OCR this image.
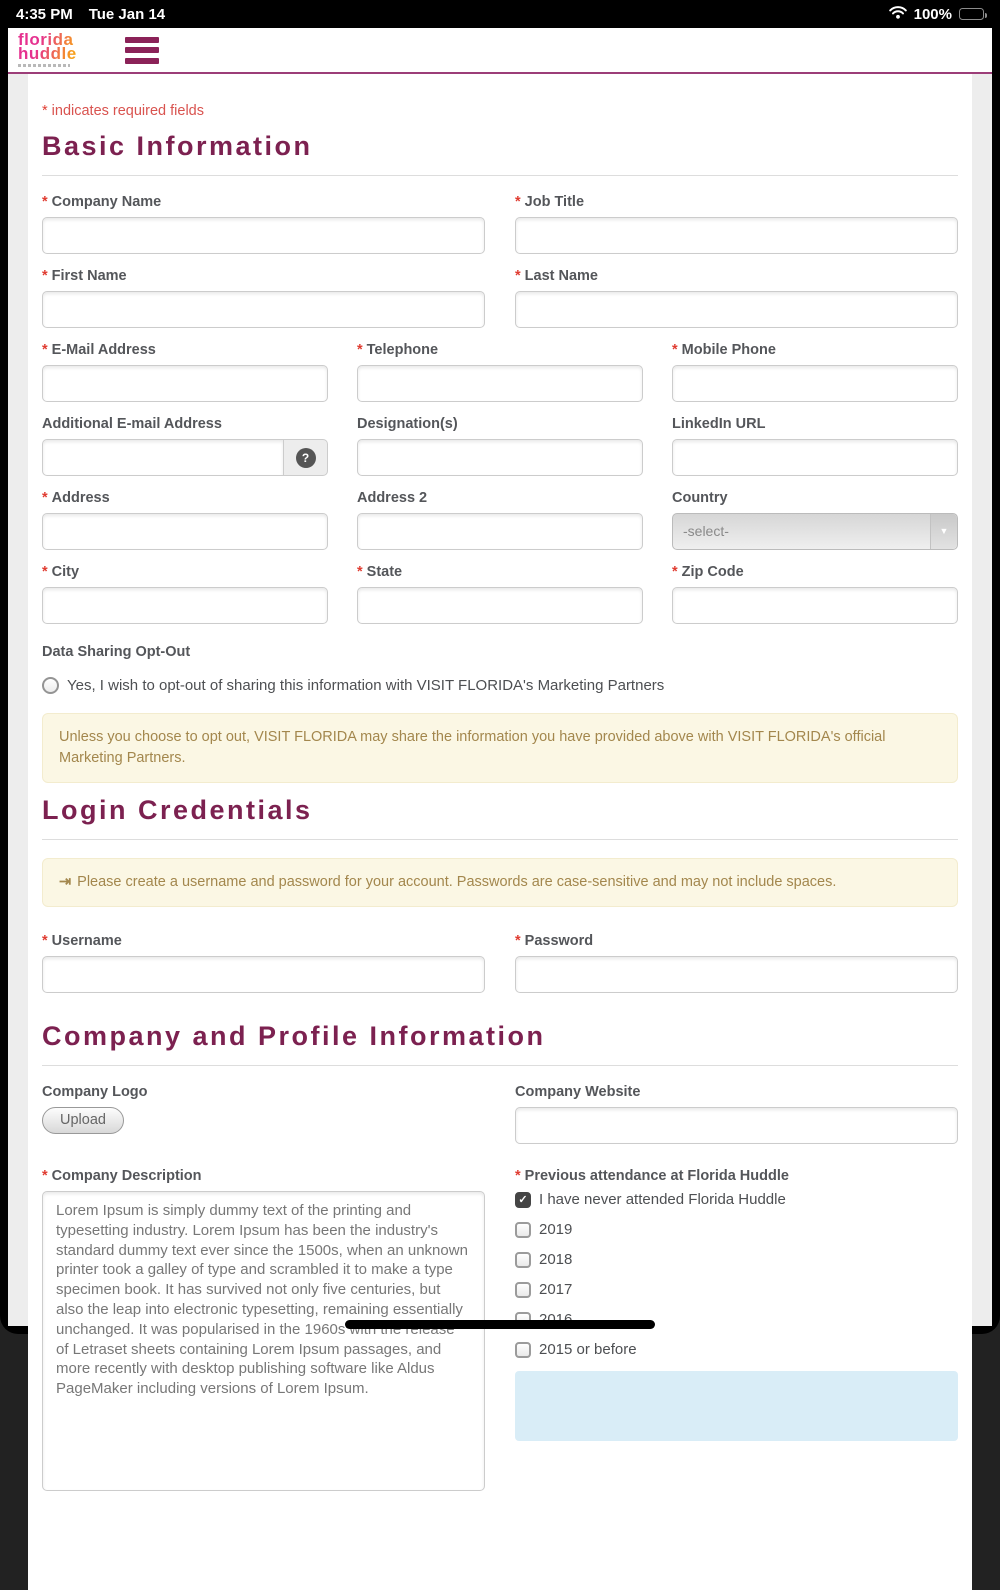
4:35 PM Tue Jan 14	100%
florida
huddle
* indicates required fields
Basic Information
* Company Name	* Job Title
* First Name	* Last Name
* E-Mail Address	* Telephone	* Mobile Phone
Additional E-mail Address
?
Designation(s)	LinkedIn URL
* Address	Address 2	Country
-select-	▼
* City	* State	* Zip Code
Data Sharing Opt-Out
Yes, I wish to opt-out of sharing this information with VISIT FLORIDA's Marketing Partners
Unless you choose to opt out, VISIT FLORIDA may share the information you have provided above with VISIT FLORIDA's official Marketing Partners.
Login Credentials
⇥ Please create a username and password for your account. Passwords are case-sensitive and may not include spaces.
* Username	* Password
Company and Profile Information
Company Logo
Upload
Company Website
* Company Description
Lorem Ipsum is simply dummy text of the printing and typesetting industry. Lorem Ipsum has been the industry's standard dummy text ever since the 1500s, when an unknown printer took a galley of type and scrambled it to make a type specimen book. It has survived not only five centuries, but also the leap into electronic typesetting, remaining essentially unchanged. It was popularised in the 1960s with the release of Letraset sheets containing Lorem Ipsum passages, and more recently with desktop publishing software like Aldus PageMaker including versions of Lorem Ipsum.	* Previous attendance at Florida Huddle
✓ I have never attended Florida Huddle
2019
2018
2017
2015 or before
